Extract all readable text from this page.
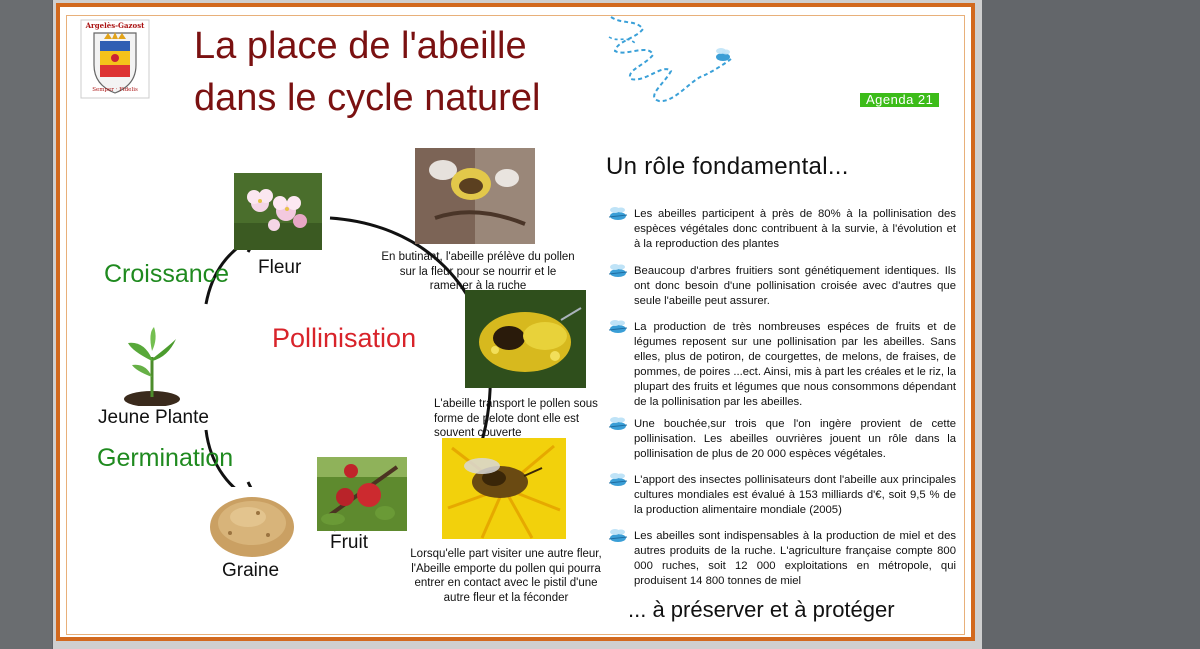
Argelès-Gazost
Semper · Fidelis
La place de l'abeille
dans le cycle naturel	Agenda 21
Croissance Fleur
Pollinisation
Jeune Plante
Germination
Graine
Fruit
En butinant, l'abeille prélève du pollen sur la fleur pour se nourrir et le ramener à la ruche
L'abeille transport le pollen sous forme de pelote dont elle est souvent couverte
Lorsqu'elle part visiter une autre fleur, l'Abeille emporte du pollen qui pourra entrer en contact avec le pistil d'une autre fleur et la féconder
Un rôle fondamental...

Les abeilles participent à près de 80% à la pollinisation des espèces végétales donc contribuent à la survie, à l'évolution et à la reproduction des plantes

Beaucoup d'arbres fruitiers sont génétiquement identiques. Ils ont donc besoin d'une pollinisation croisée avec d'autres que seule l'abeille peut assurer.

La production de très nombreuses espéces de fruits et de légumes reposent sur une pollinisation par les abeilles. Sans elles, plus de potiron, de courgettes, de melons, de fraises, de pommes, de poires ...ect. Ainsi, mis à part les créales et le riz, la plupart des fruits et légumes que nous consommons dépendant de la pollinisation par les abeilles.

Une bouchée,sur trois que l'on ingère provient de cette pollinisation. Les abeilles ouvrières jouent un rôle dans la pollinisation de plus de 20 000 espèces végétales.

L'apport des insectes pollinisateurs dont l'abeille aux principales cultures mondiales est évalué à 153 milliards d'€, soit 9,5 % de la production alimentaire mondiale (2005)

Les abeilles sont indispensables à la production de miel et des autres produits de la ruche. L'agriculture française compte 800 000 ruches, soit 12 000 exploitations en métropole, qui produisent 14 800 tonnes de miel

... à préserver et à protéger
